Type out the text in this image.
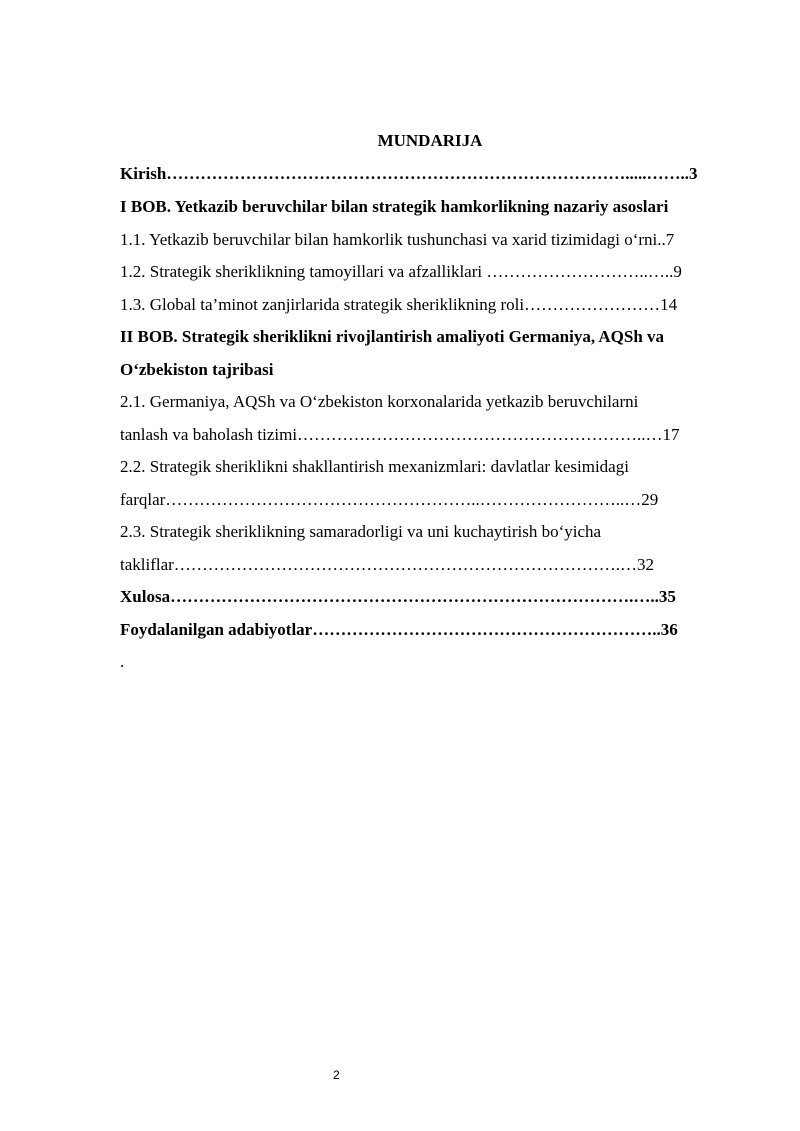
MUNDARIJA
Kirish……………………………………………………………………….....……..3
I BOB. Yetkazib beruvchilar bilan strategik hamkorlikning nazariy asoslari
1.1. Yetkazib beruvchilar bilan hamkorlik tushunchasi va xarid tizimidagi o‘rni..7
1.2. Strategik sheriklikning tamoyillari va afzalliklari ………………………..…..9
1.3. Global ta’minot zanjirlarida strategik sheriklikning roli……………………14
II BOB. Strategik sheriklikni rivojlantirish amaliyoti Germaniya, AQSh va
O‘zbekiston tajribasi
2.1. Germaniya, AQSh va O‘zbekiston korxonalarida yetkazib beruvchilarni
tanlash va baholash tizimi……………………………………………………..…17
2.2. Strategik sheriklikni shakllantirish mexanizmlari: davlatlar kesimidagi
farqlar………………………………………………..……………………..…29
2.3. Strategik sheriklikning samaradorligi va uni kuchaytirish bo‘yicha
takliflar…………………………………………………………………….…32
Xulosa……………………………………………………………………….…..35
Foydalanilgan adabiyotlar……………………………………………………..36
.
2
